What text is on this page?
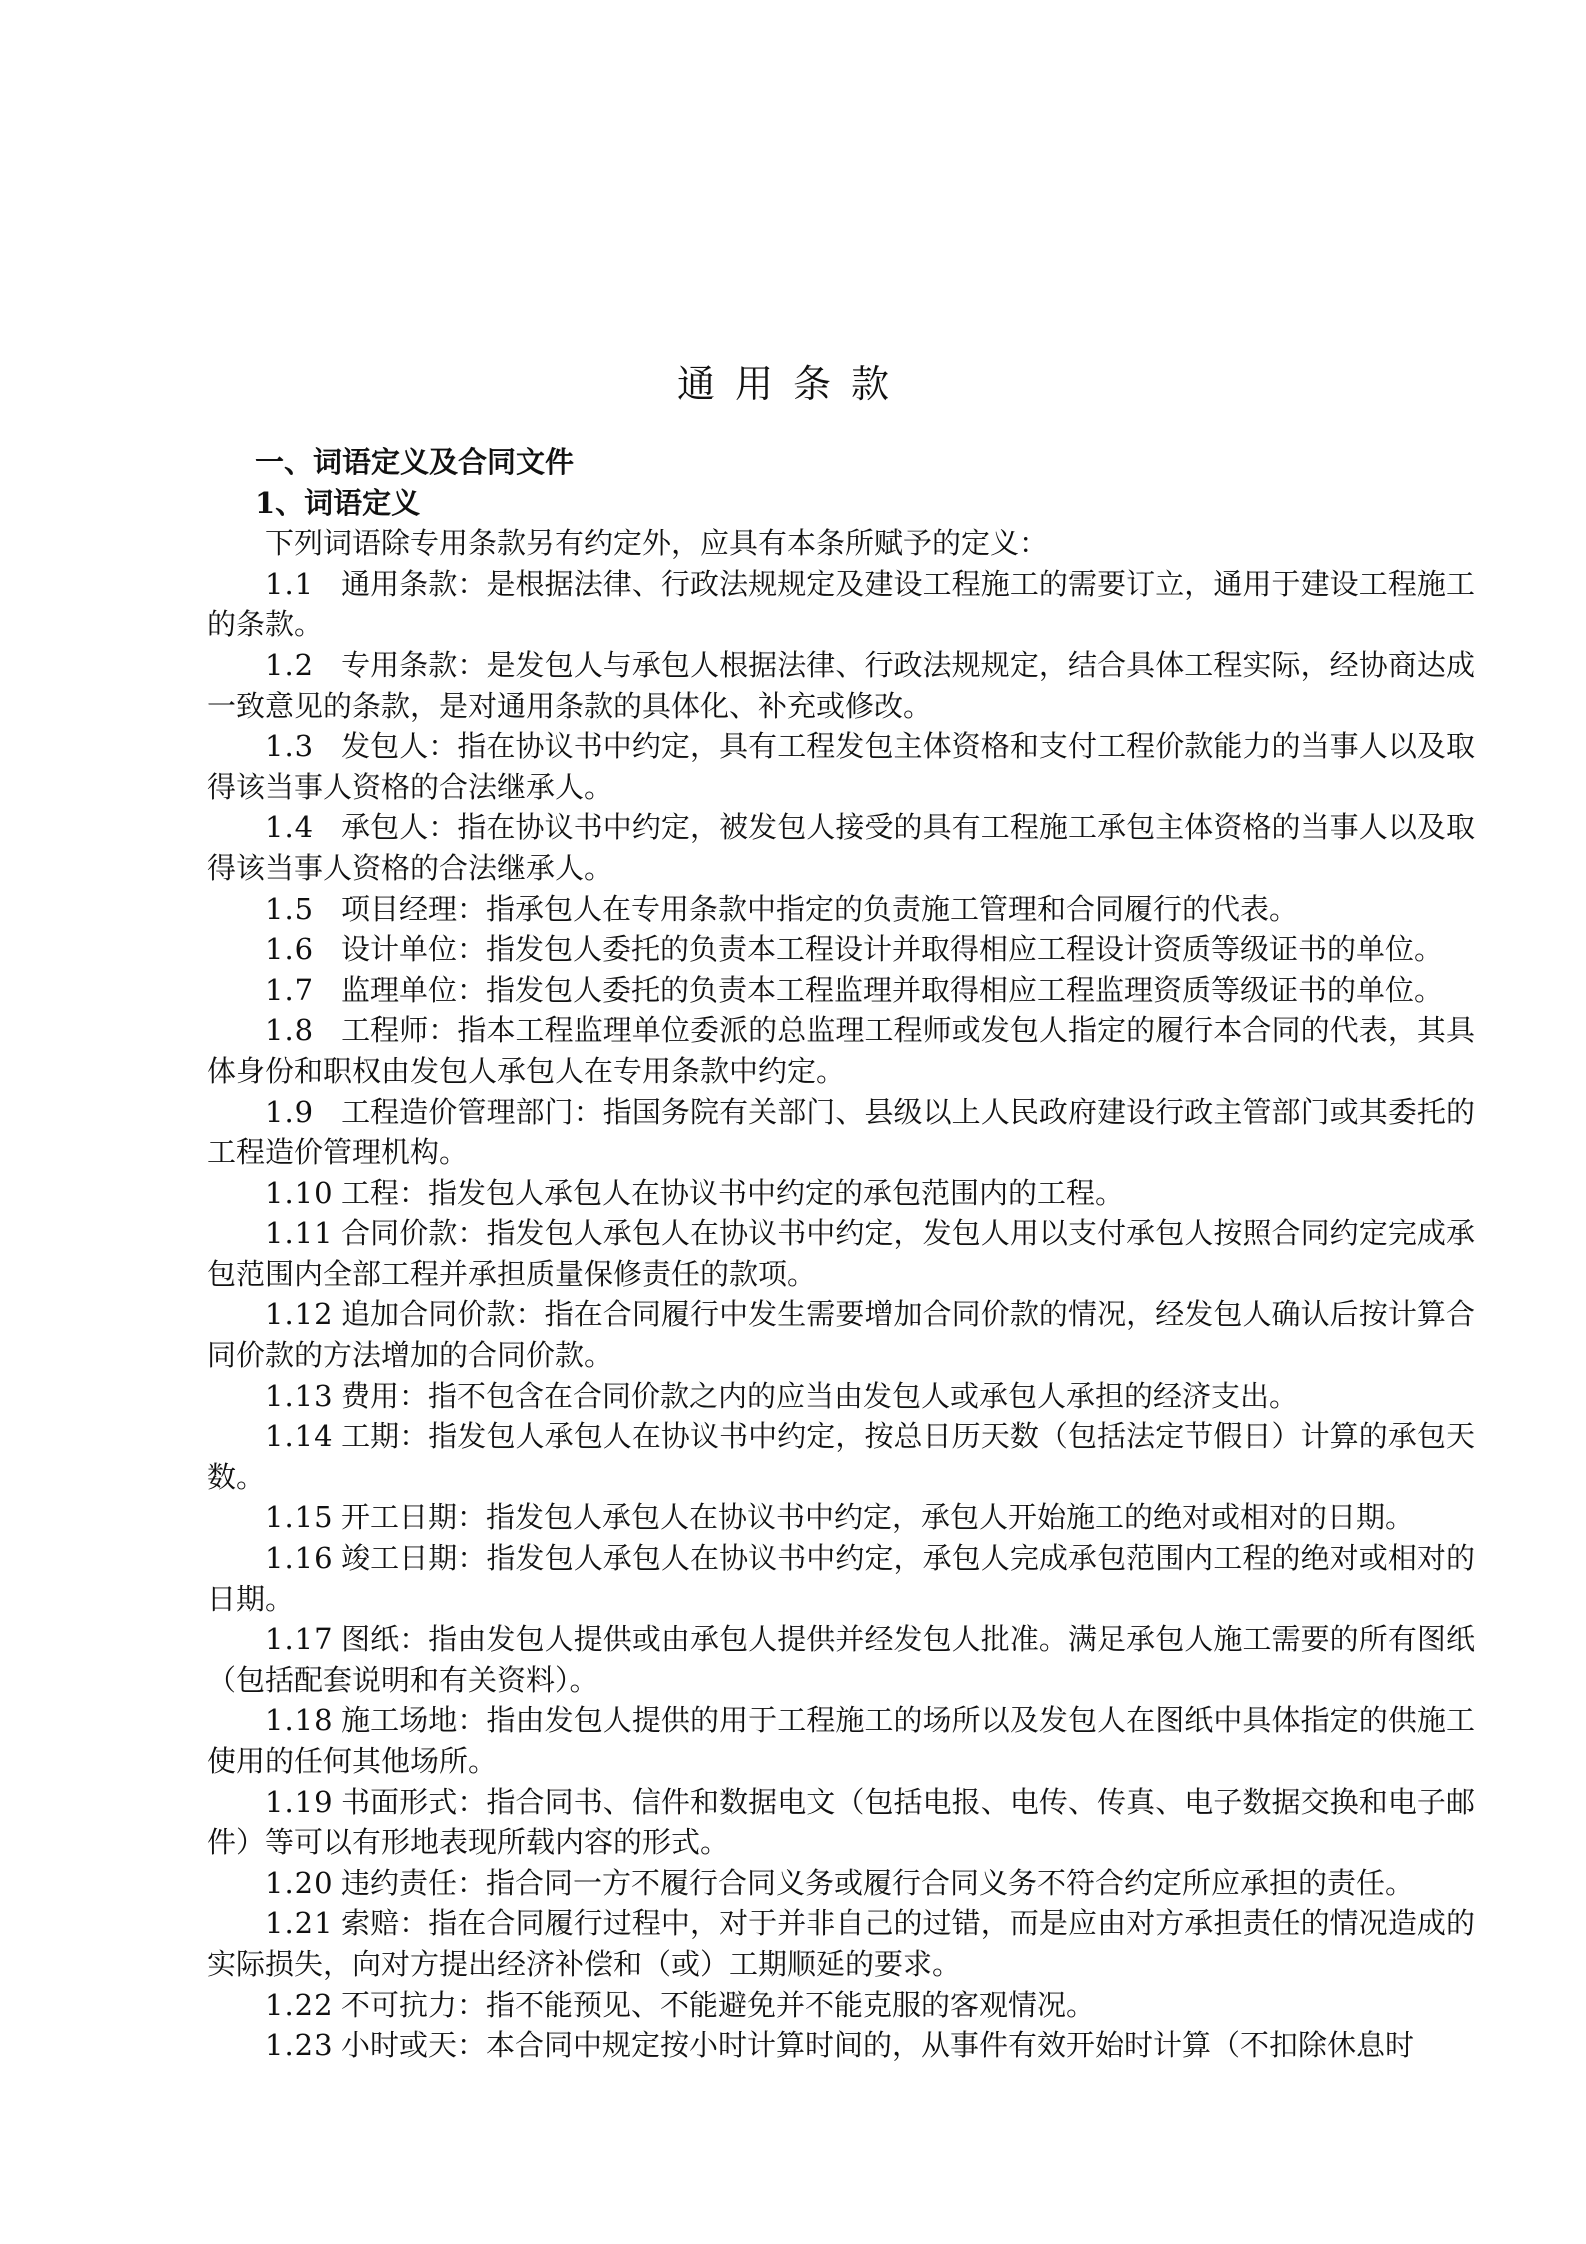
通用条款

一、词语定义及合同文件

1、词语定义

下列词语除专用条款另有约定外，应具有本条所赋予的定义：

1.1 通用条款：是根据法律、行政法规规定及建设工程施工的需要订立，通用于建设工程施工的条款。

1.2 专用条款：是发包人与承包人根据法律、行政法规规定，结合具体工程实际，经协商达成一致意见的条款，是对通用条款的具体化、补充或修改。

1.3 发包人：指在协议书中约定，具有工程发包主体资格和支付工程价款能力的当事人以及取得该当事人资格的合法继承人。

1.4 承包人：指在协议书中约定，被发包人接受的具有工程施工承包主体资格的当事人以及取得该当事人资格的合法继承人。

1.5 项目经理：指承包人在专用条款中指定的负责施工管理和合同履行的代表。

1.6 设计单位：指发包人委托的负责本工程设计并取得相应工程设计资质等级证书的单位。

1.7 监理单位：指发包人委托的负责本工程监理并取得相应工程监理资质等级证书的单位。

1.8 工程师：指本工程监理单位委派的总监理工程师或发包人指定的履行本合同的代表，其具体身份和职权由发包人承包人在专用条款中约定。

1.9 工程造价管理部门：指国务院有关部门、县级以上人民政府建设行政主管部门或其委托的工程造价管理机构。

1.10 工程：指发包人承包人在协议书中约定的承包范围内的工程。

1.11 合同价款：指发包人承包人在协议书中约定，发包人用以支付承包人按照合同约定完成承包范围内全部工程并承担质量保修责任的款项。

1.12 追加合同价款：指在合同履行中发生需要增加合同价款的情况，经发包人确认后按计算合同价款的方法增加的合同价款。

1.13 费用：指不包含在合同价款之内的应当由发包人或承包人承担的经济支出。

1.14 工期：指发包人承包人在协议书中约定，按总日历天数（包括法定节假日）计算的承包天数。

1.15 开工日期：指发包人承包人在协议书中约定，承包人开始施工的绝对或相对的日期。

1.16 竣工日期：指发包人承包人在协议书中约定，承包人完成承包范围内工程的绝对或相对的日期。

1.17 图纸：指由发包人提供或由承包人提供并经发包人批准。满足承包人施工需要的所有图纸（包括配套说明和有关资料）。

1.18 施工场地：指由发包人提供的用于工程施工的场所以及发包人在图纸中具体指定的供施工使用的任何其他场所。

1.19 书面形式：指合同书、信件和数据电文（包括电报、电传、传真、电子数据交换和电子邮件）等可以有形地表现所载内容的形式。

1.20 违约责任：指合同一方不履行合同义务或履行合同义务不符合约定所应承担的责任。

1.21 索赔：指在合同履行过程中，对于并非自己的过错，而是应由对方承担责任的情况造成的实际损失，向对方提出经济补偿和（或）工期顺延的要求。

1.22 不可抗力：指不能预见、不能避免并不能克服的客观情况。

1.23 小时或天：本合同中规定按小时计算时间的，从事件有效开始时计算（不扣除休息时
